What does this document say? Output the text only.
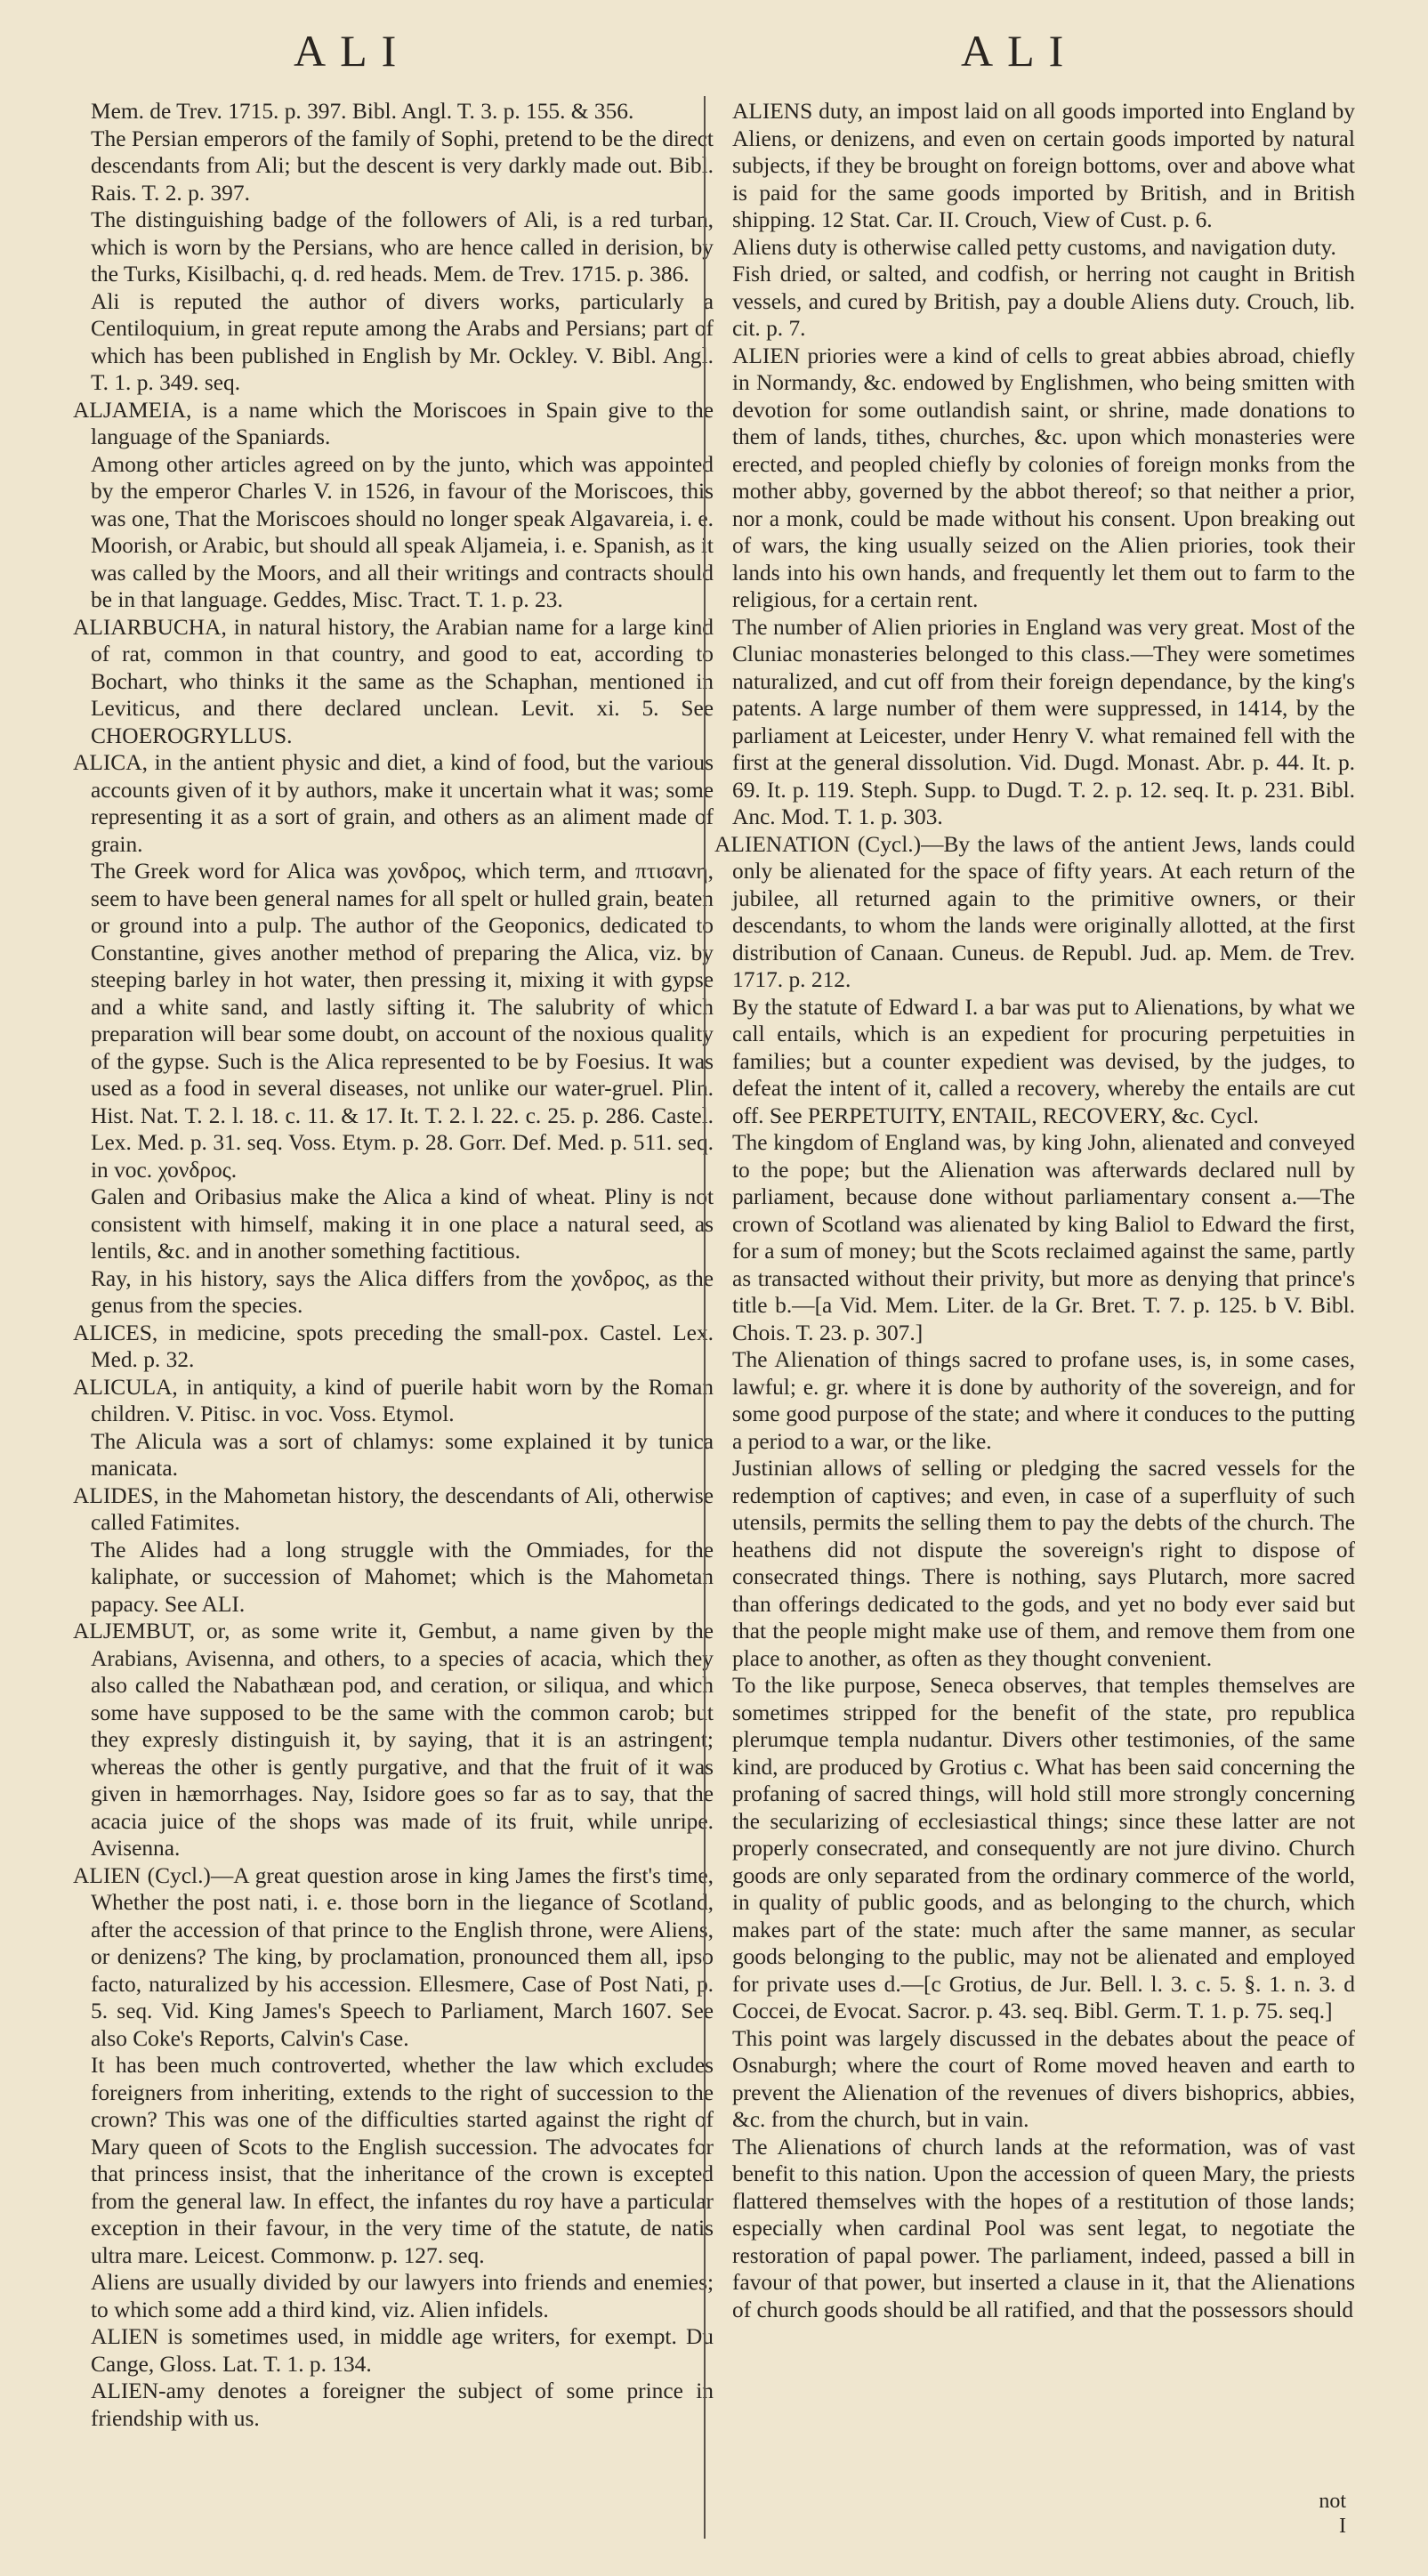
ALI	ALI

Mem. de Trev. 1715. p. 397. Bibl. Angl. T. 3. p. 155. & 356.

The Persian emperors of the family of Sophi, pretend to be the direct descendants from Ali; but the descent is very darkly made out. Bibl. Rais. T. 2. p. 397.

The distinguishing badge of the followers of Ali, is a red turban, which is worn by the Persians, who are hence called in derision, by the Turks, Kisilbachi, q. d. red heads. Mem. de Trev. 1715. p. 386.

Ali is reputed the author of divers works, particularly a Centiloquium, in great repute among the Arabs and Persians; part of which has been published in English by Mr. Ockley. V. Bibl. Angl. T. 1. p. 349. seq.

ALJAMEIA, is a name which the Moriscoes in Spain give to the language of the Spaniards.

Among other articles agreed on by the junto, which was appointed by the emperor Charles V. in 1526, in favour of the Moriscoes, this was one, That the Moriscoes should no longer speak Algavareia, i. e. Moorish, or Arabic, but should all speak Aljameia, i. e. Spanish, as it was called by the Moors, and all their writings and contracts should be in that language. Geddes, Misc. Tract. T. 1. p. 23.

ALIARBUCHA, in natural history, the Arabian name for a large kind of rat, common in that country, and good to eat, according to Bochart, who thinks it the same as the Schaphan, mentioned in Leviticus, and there declared unclean. Levit. xi. 5. See CHOEROGRYLLUS.

ALICA, in the antient physic and diet, a kind of food, but the various accounts given of it by authors, make it uncertain what it was; some representing it as a sort of grain, and others as an aliment made of grain.

The Greek word for Alica was χονδρος, which term, and πτισανη, seem to have been general names for all spelt or hulled grain, beaten or ground into a pulp. The author of the Geoponics, dedicated to Constantine, gives another method of preparing the Alica, viz. by steeping barley in hot water, then pressing it, mixing it with gypse and a white sand, and lastly sifting it. The salubrity of which preparation will bear some doubt, on account of the noxious quality of the gypse. Such is the Alica represented to be by Foesius. It was used as a food in several diseases, not unlike our water-gruel. Plin. Hist. Nat. T. 2. l. 18. c. 11. & 17. It. T. 2. l. 22. c. 25. p. 286. Castel. Lex. Med. p. 31. seq. Voss. Etym. p. 28. Gorr. Def. Med. p. 511. seq. in voc. χονδρος.

Galen and Oribasius make the Alica a kind of wheat. Pliny is not consistent with himself, making it in one place a natural seed, as lentils, &c. and in another something factitious.

Ray, in his history, says the Alica differs from the χονδρος, as the genus from the species.

ALICES, in medicine, spots preceding the small-pox. Castel. Lex. Med. p. 32.

ALICULA, in antiquity, a kind of puerile habit worn by the Roman children. V. Pitisc. in voc. Voss. Etymol.

The Alicula was a sort of chlamys: some explained it by tunica manicata.

ALIDES, in the Mahometan history, the descendants of Ali, otherwise called Fatimites.

The Alides had a long struggle with the Ommiades, for the kaliphate, or succession of Mahomet; which is the Mahometan papacy. See ALI.

ALJEMBUT, or, as some write it, Gembut, a name given by the Arabians, Avisenna, and others, to a species of acacia, which they also called the Nabathæan pod, and ceration, or siliqua, and which some have supposed to be the same with the common carob; but they expresly distinguish it, by saying, that it is an astringent; whereas the other is gently purgative, and that the fruit of it was given in hæmorrhages. Nay, Isidore goes so far as to say, that the acacia juice of the shops was made of its fruit, while unripe. Avisenna.

ALIEN (Cycl.)—A great question arose in king James the first's time, Whether the post nati, i. e. those born in the liegance of Scotland, after the accession of that prince to the English throne, were Aliens, or denizens? The king, by proclamation, pronounced them all, ipso facto, naturalized by his accession. Ellesmere, Case of Post Nati, p. 5. seq. Vid. King James's Speech to Parliament, March 1607. See also Coke's Reports, Calvin's Case.

It has been much controverted, whether the law which excludes foreigners from inheriting, extends to the right of succession to the crown? This was one of the difficulties started against the right of Mary queen of Scots to the English succession. The advocates for that princess insist, that the inheritance of the crown is excepted from the general law. In effect, the infantes du roy have a particular exception in their favour, in the very time of the statute, de natis ultra mare. Leicest. Commonw. p. 127. seq.

Aliens are usually divided by our lawyers into friends and enemies; to which some add a third kind, viz. Alien infidels.

ALIEN is sometimes used, in middle age writers, for exempt. Du Cange, Gloss. Lat. T. 1. p. 134.

ALIEN-amy denotes a foreigner the subject of some prince in friendship with us.

ALIENS duty, an impost laid on all goods imported into England by Aliens, or denizens, and even on certain goods imported by natural subjects, if they be brought on foreign bottoms, over and above what is paid for the same goods imported by British, and in British shipping. 12 Stat. Car. II. Crouch, View of Cust. p. 6.

Aliens duty is otherwise called petty customs, and navigation duty.

Fish dried, or salted, and codfish, or herring not caught in British vessels, and cured by British, pay a double Aliens duty. Crouch, lib. cit. p. 7.

ALIEN priories were a kind of cells to great abbies abroad, chiefly in Normandy, &c. endowed by Englishmen, who being smitten with devotion for some outlandish saint, or shrine, made donations to them of lands, tithes, churches, &c. upon which monasteries were erected, and peopled chiefly by colonies of foreign monks from the mother abby, governed by the abbot thereof; so that neither a prior, nor a monk, could be made without his consent. Upon breaking out of wars, the king usually seized on the Alien priories, took their lands into his own hands, and frequently let them out to farm to the religious, for a certain rent.

The number of Alien priories in England was very great. Most of the Cluniac monasteries belonged to this class.—They were sometimes naturalized, and cut off from their foreign dependance, by the king's patents. A large number of them were suppressed, in 1414, by the parliament at Leicester, under Henry V. what remained fell with the first at the general dissolution. Vid. Dugd. Monast. Abr. p. 44. It. p. 69. It. p. 119. Steph. Supp. to Dugd. T. 2. p. 12. seq. It. p. 231. Bibl. Anc. Mod. T. 1. p. 303.

ALIENATION (Cycl.)—By the laws of the antient Jews, lands could only be alienated for the space of fifty years. At each return of the jubilee, all returned again to the primitive owners, or their descendants, to whom the lands were originally allotted, at the first distribution of Canaan. Cuneus. de Republ. Jud. ap. Mem. de Trev. 1717. p. 212.

By the statute of Edward I. a bar was put to Alienations, by what we call entails, which is an expedient for procuring perpetuities in families; but a counter expedient was devised, by the judges, to defeat the intent of it, called a recovery, whereby the entails are cut off. See PERPETUITY, ENTAIL, RECOVERY, &c. Cycl.

The kingdom of England was, by king John, alienated and conveyed to the pope; but the Alienation was afterwards declared null by parliament, because done without parliamentary consent a.—The crown of Scotland was alienated by king Baliol to Edward the first, for a sum of money; but the Scots reclaimed against the same, partly as transacted without their privity, but more as denying that prince's title b.—[a Vid. Mem. Liter. de la Gr. Bret. T. 7. p. 125. b V. Bibl. Chois. T. 23. p. 307.]

The Alienation of things sacred to profane uses, is, in some cases, lawful; e. gr. where it is done by authority of the sovereign, and for some good purpose of the state; and where it conduces to the putting a period to a war, or the like.

Justinian allows of selling or pledging the sacred vessels for the redemption of captives; and even, in case of a superfluity of such utensils, permits the selling them to pay the debts of the church. The heathens did not dispute the sovereign's right to dispose of consecrated things. There is nothing, says Plutarch, more sacred than offerings dedicated to the gods, and yet no body ever said but that the people might make use of them, and remove them from one place to another, as often as they thought convenient.

To the like purpose, Seneca observes, that temples themselves are sometimes stripped for the benefit of the state, pro republica plerumque templa nudantur. Divers other testimonies, of the same kind, are produced by Grotius c. What has been said concerning the profaning of sacred things, will hold still more strongly concerning the secularizing of ecclesiastical things; since these latter are not properly consecrated, and consequently are not jure divino. Church goods are only separated from the ordinary commerce of the world, in quality of public goods, and as belonging to the church, which makes part of the state: much after the same manner, as secular goods belonging to the public, may not be alienated and employed for private uses d.—[c Grotius, de Jur. Bell. l. 3. c. 5. §. 1. n. 3. d Coccei, de Evocat. Sacror. p. 43. seq. Bibl. Germ. T. 1. p. 75. seq.]

This point was largely discussed in the debates about the peace of Osnaburgh; where the court of Rome moved heaven and earth to prevent the Alienation of the revenues of divers bishoprics, abbies, &c. from the church, but in vain.

The Alienations of church lands at the reformation, was of vast benefit to this nation. Upon the accession of queen Mary, the priests flattered themselves with the hopes of a restitution of those lands; especially when cardinal Pool was sent legat, to negotiate the restoration of papal power. The parliament, indeed, passed a bill in favour of that power, but inserted a clause in it, that the Alienations of church goods should be all ratified, and that the possessors should

not
I
